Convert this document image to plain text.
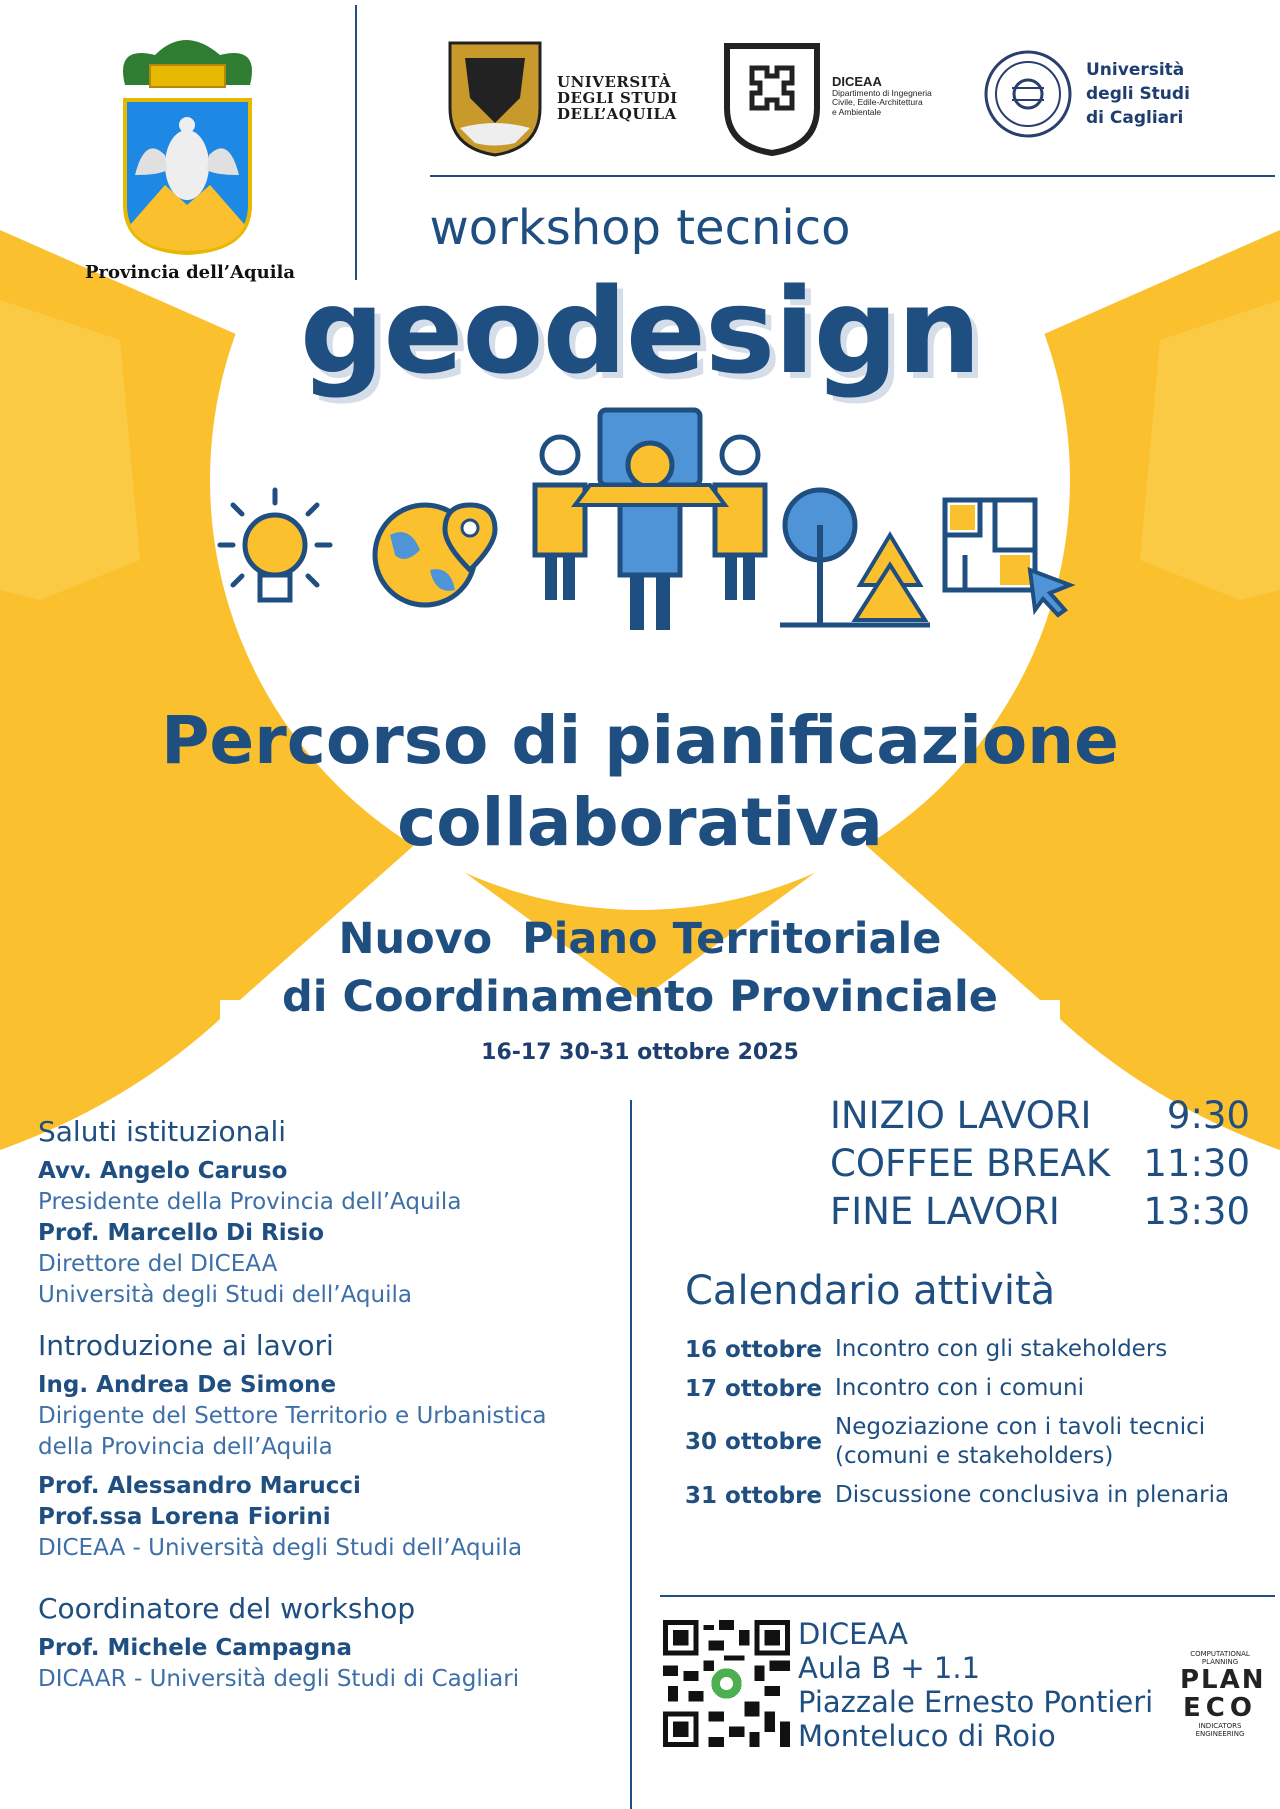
Provincia dell’Aquila
UNIVERSITÀ
DEGLI STUDI
DELL’AQUILA
DICEAA
Dipartimento di Ingegneria
Civile, Edile-Architettura
e Ambientale
Università
degli Studi
di Cagliari
workshop tecnico
geodesign
Percorso di pianificazione
collaborativa
Nuovo  Piano Territoriale
di Coordinamento Provinciale
16-17 30-31 ottobre 2025
Saluti istituzionali
Avv. Angelo Caruso
Presidente della Provincia dell’Aquila
Prof. Marcello Di Risio
Direttore del DICEAA
Università degli Studi dell’Aquila
Introduzione ai lavori
Ing. Andrea De Simone
Dirigente del Settore Territorio e Urbanistica
della Provincia dell’Aquila
Prof. Alessandro Marucci
Prof.ssa Lorena Fiorini
DICEAA - Università degli Studi dell’Aquila
Coordinatore del workshop
Prof. Michele Campagna
DICAAR - Università degli Studi di Cagliari
INIZIO LAVORI 9:30
COFFEE BREAK 11:30
FINE LAVORI 13:30
Calendario attività
16 ottobre Incontro con gli stakeholders
17 ottobre Incontro con i comuni
30 ottobre
Negoziazione con i tavoli tecnici
(comuni e stakeholders)
31 ottobre Discussione conclusiva in plenaria
DICEAA
Aula B + 1.1
Piazzale Ernesto Pontieri
Monteluco di Roio
COMPUTATIONAL PLANNING
PLAN
ECO
INDICATORS ENGINEERING
